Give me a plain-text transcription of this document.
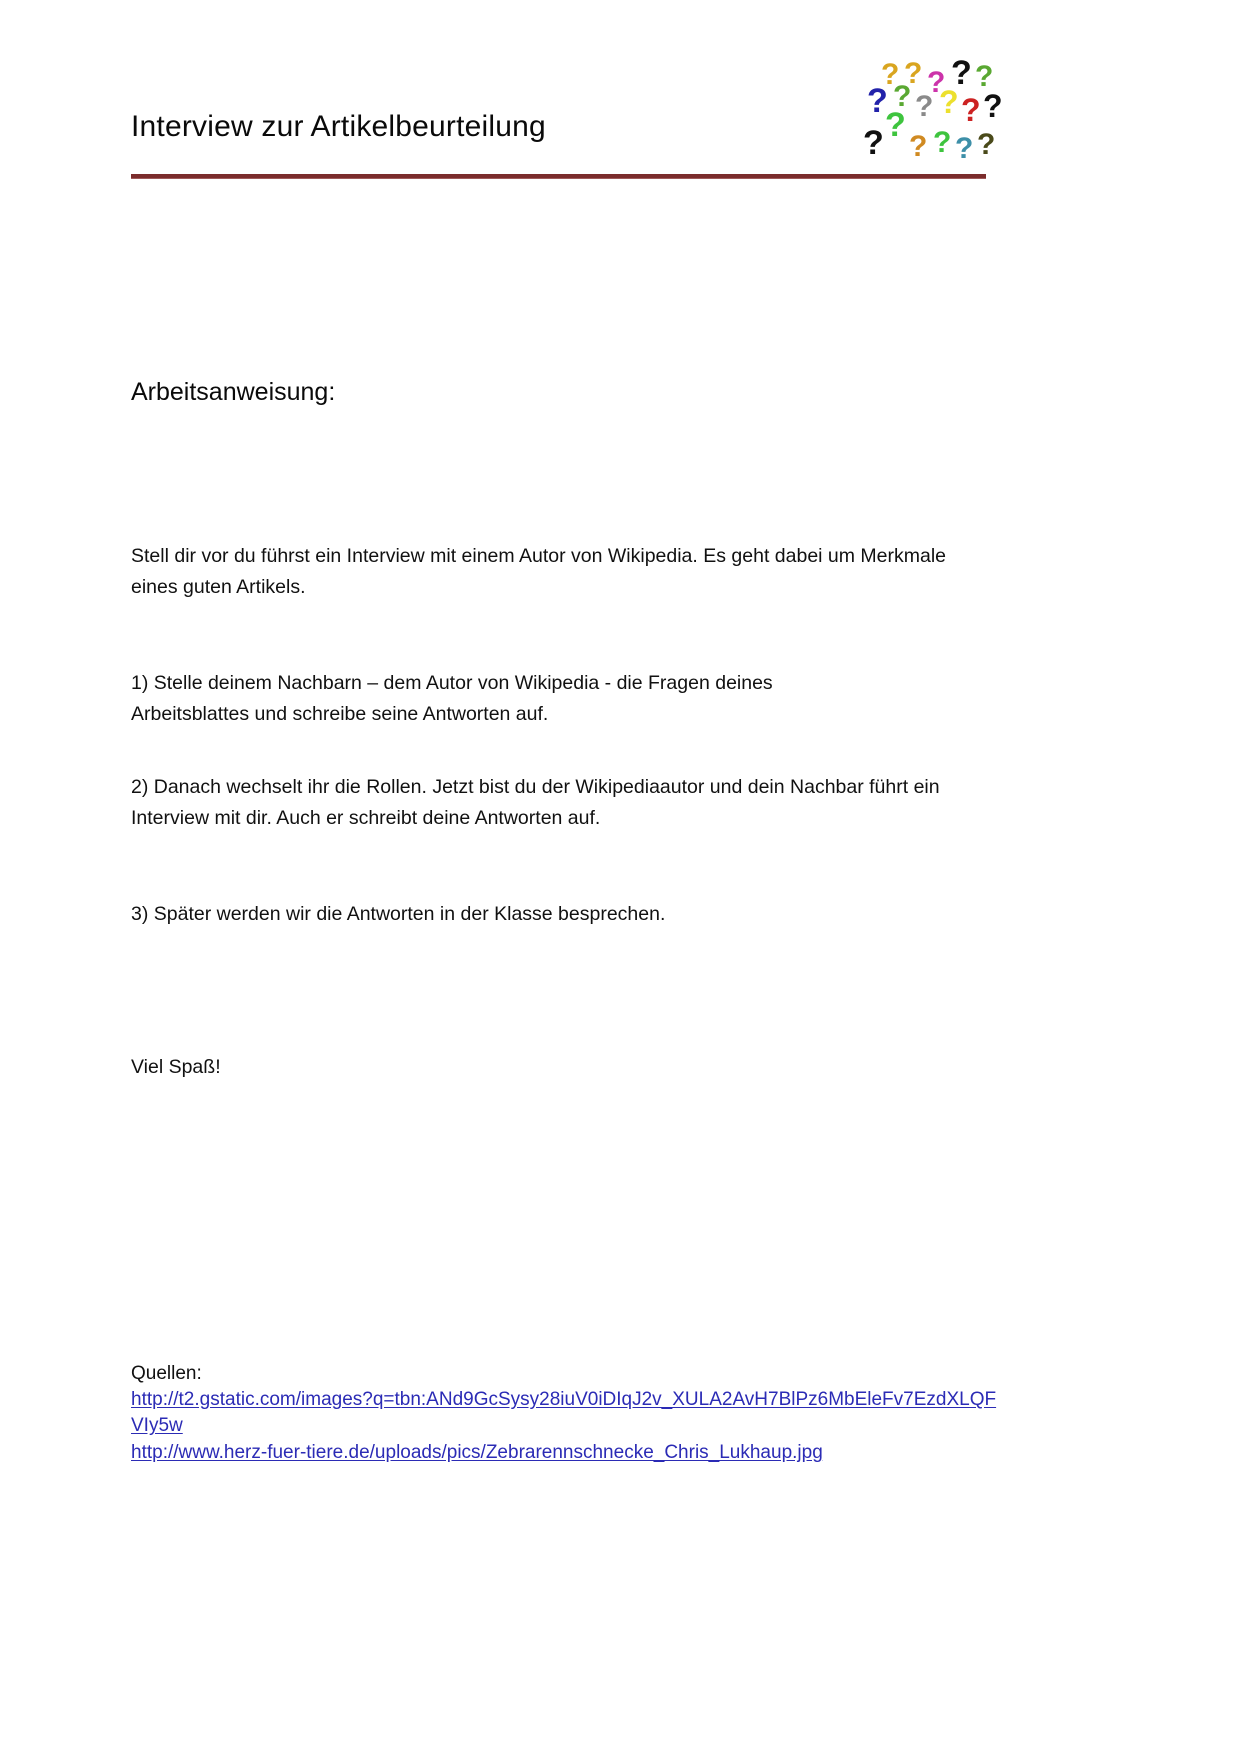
Interview zur Artikelbeurteilung
? ? ? ? ?
? ? ? ? ? ?
?
? ? ? ? ?
Arbeitsanweisung:
Stell dir vor du führst ein Interview mit einem Autor von Wikipedia. Es geht dabei um Merkmale eines guten Artikels.
1) Stelle deinem Nachbarn – dem Autor von Wikipedia - die Fragen deines Arbeitsblattes und schreibe seine Antworten auf.
2) Danach wechselt ihr die Rollen. Jetzt bist du der Wikipediaautor und dein Nachbar führt ein Interview mit dir. Auch er schreibt deine Antworten auf.
3) Später werden wir die Antworten in der Klasse besprechen.
Viel Spaß!
Quellen:
http://t2.gstatic.com/images?q=tbn:ANd9GcSysy28iuV0iDIqJ2v_XULA2AvH7BlPz6MbEleFv7EzdXLQFVIy5w
http://www.herz-fuer-tiere.de/uploads/pics/Zebrarennschnecke_Chris_Lukhaup.jpg
